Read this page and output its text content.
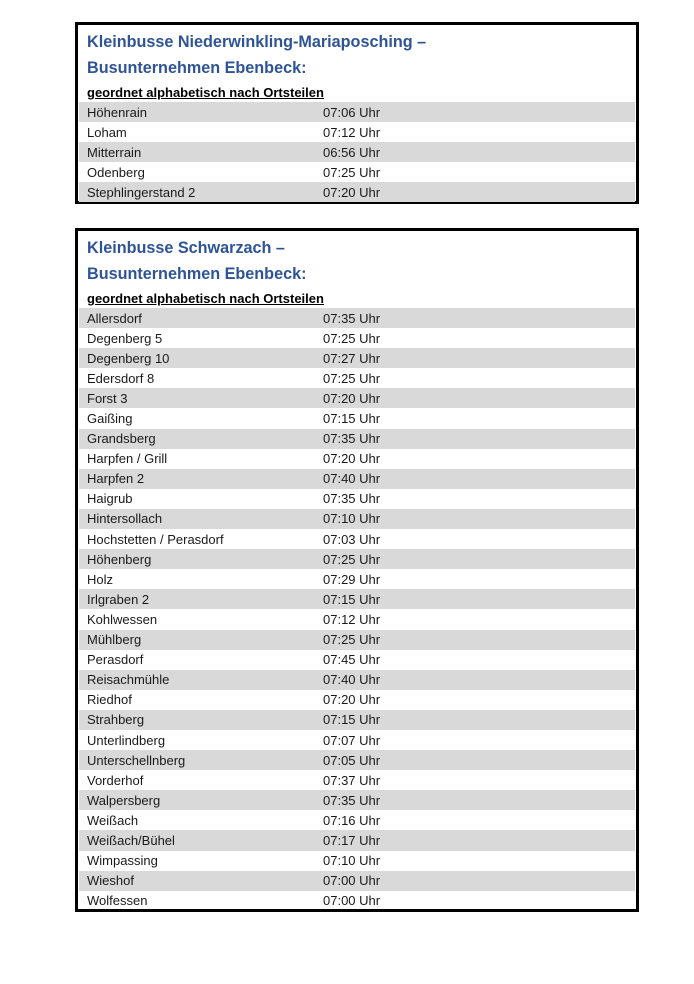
Kleinbusse Niederwinkling-Mariaposching –
Busunternehmen Ebenbeck:
geordnet alphabetisch nach Ortsteilen
Höhenrain	07:06 Uhr
Loham	07:12 Uhr
Mitterrain	06:56 Uhr
Odenberg	07:25 Uhr
Stephlingerstand 2	07:20 Uhr
Kleinbusse Schwarzach –
Busunternehmen Ebenbeck:
geordnet alphabetisch nach Ortsteilen
Allersdorf	07:35 Uhr
Degenberg 5	07:25 Uhr
Degenberg 10	07:27 Uhr
Edersdorf 8	07:25 Uhr
Forst 3	07:20 Uhr
Gaißing	07:15 Uhr
Grandsberg	07:35 Uhr
Harpfen / Grill	07:20 Uhr
Harpfen 2	07:40 Uhr
Haigrub	07:35 Uhr
Hintersollach	07:10 Uhr
Hochstetten / Perasdorf	07:03 Uhr
Höhenberg	07:25 Uhr
Holz	07:29 Uhr
Irlgraben 2	07:15 Uhr
Kohlwessen	07:12 Uhr
Mühlberg	07:25 Uhr
Perasdorf	07:45 Uhr
Reisachmühle	07:40 Uhr
Riedhof	07:20 Uhr
Strahberg	07:15 Uhr
Unterlindberg	07:07 Uhr
Unterschellnberg	07:05 Uhr
Vorderhof	07:37 Uhr
Walpersberg	07:35 Uhr
Weißach	07:16 Uhr
Weißach/Bühel	07:17 Uhr
Wimpassing	07:10 Uhr
Wieshof	07:00 Uhr
Wolfessen	07:00 Uhr
